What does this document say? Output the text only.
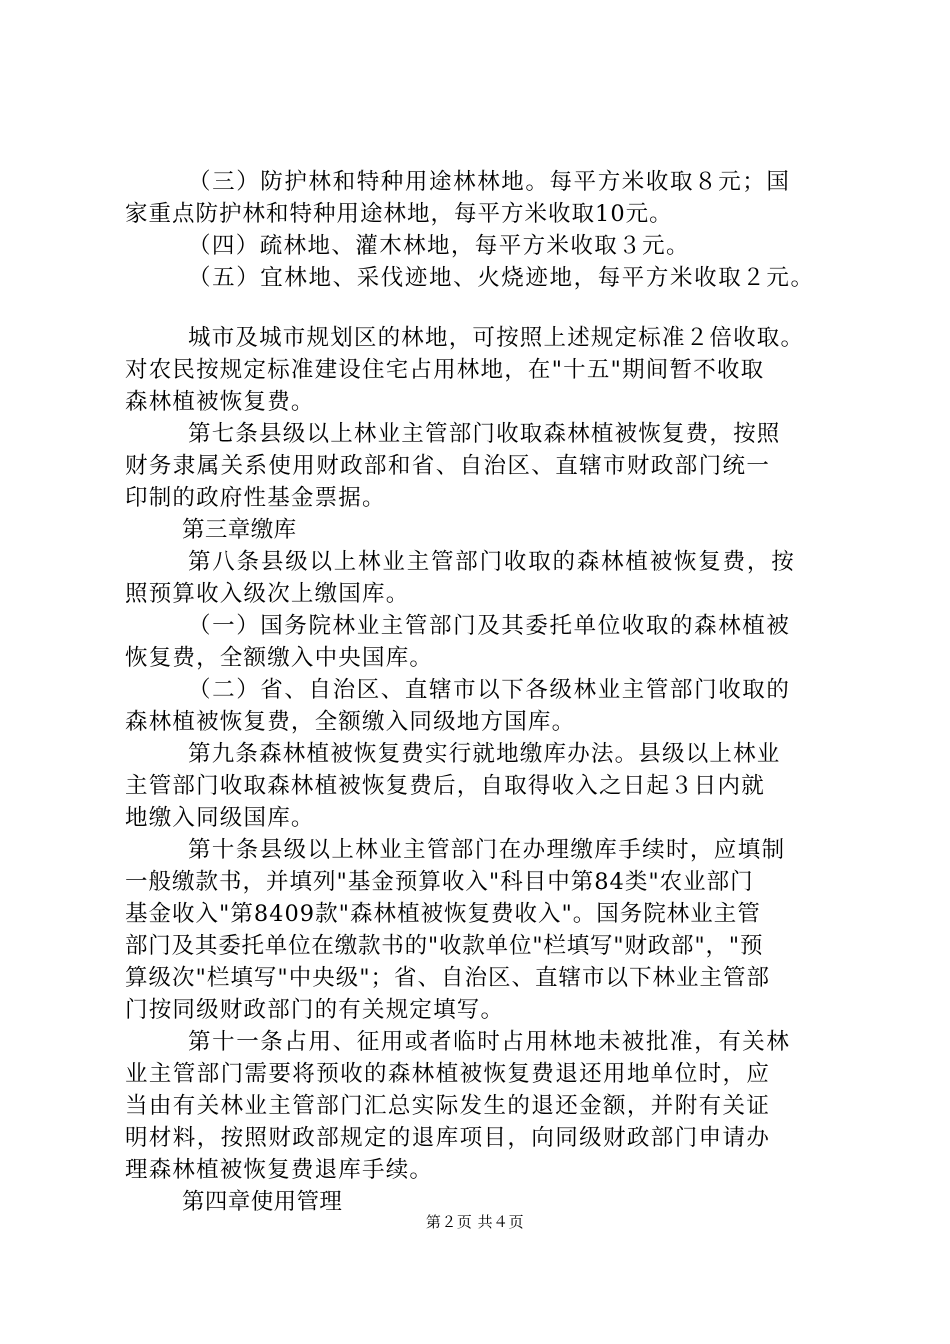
（三）防护林和特种用途林林地。每平方米收取８元；国
家重点防护林和特种用途林地，每平方米收取10元。
（四）疏林地、灌木林地，每平方米收取３元。
（五）宜林地、采伐迹地、火烧迹地，每平方米收取２元。
城市及城市规划区的林地，可按照上述规定标准２倍收取。
对农民按规定标准建设住宅占用林地，在"十五"期间暂不收取
森林植被恢复费。
第七条县级以上林业主管部门收取森林植被恢复费，按照
财务隶属关系使用财政部和省、自治区、直辖市财政部门统一
印制的政府性基金票据。
第三章缴库
第八条县级以上林业主管部门收取的森林植被恢复费，按
照预算收入级次上缴国库。
（一）国务院林业主管部门及其委托单位收取的森林植被
恢复费，全额缴入中央国库。
（二）省、自治区、直辖市以下各级林业主管部门收取的
森林植被恢复费，全额缴入同级地方国库。
第九条森林植被恢复费实行就地缴库办法。县级以上林业
主管部门收取森林植被恢复费后，自取得收入之日起３日内就
地缴入同级国库。
第十条县级以上林业主管部门在办理缴库手续时，应填制
一般缴款书，并填列"基金预算收入"科目中第84类"农业部门
基金收入"第8409款"森林植被恢复费收入"。国务院林业主管
部门及其委托单位在缴款书的"收款单位"栏填写"财政部"，"预
算级次"栏填写"中央级"；省、自治区、直辖市以下林业主管部
门按同级财政部门的有关规定填写。
第十一条占用、征用或者临时占用林地未被批准，有关林
业主管部门需要将预收的森林植被恢复费退还用地单位时，应
当由有关林业主管部门汇总实际发生的退还金额，并附有关证
明材料，按照财政部规定的退库项目，向同级财政部门申请办
理森林植被恢复费退库手续。
第四章使用管理
第２页 共４页
